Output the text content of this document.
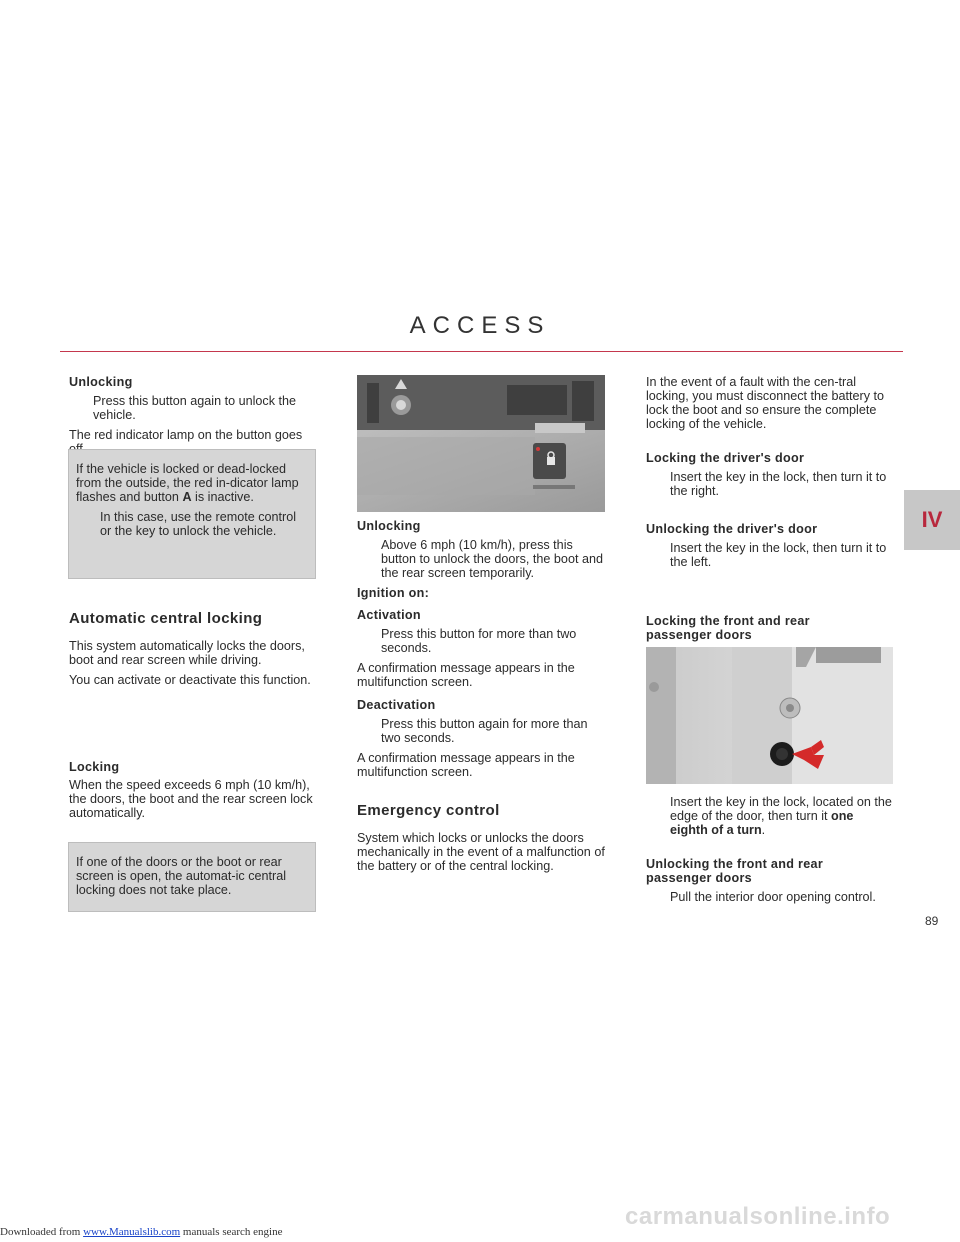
ACCESS
IV
89
Unlocking
Press this button again to unlock the vehicle.

The red indicator lamp on the button goes

If the vehicle is locked or dead-locked from the outside, the red in-dicator lamp flashes and button A is inactive.

In this case, use the remote control or the key to unlock the vehicle.
Automatic central locking

This system automatically locks the doors, boot and rear screen while driving.

You can activate or deactivate this function.

Locking

When the speed exceeds 6 mph (10 km/h), the doors, the boot and the rear screen lock automatically.

If one of the doors or the boot or rear screen is open, the automat-ic central locking does not take place.

Unlocking
Above 6 mph (10 km/h), press this button to unlock the doors, the boot and the rear screen temporarily.
Ignition on:
Activation
Press this button for more than two seconds.

A confirmation message appears in the multifunction screen.

Deactivation
Press this button again for more than two seconds.

A confirmation message appears in the multifunction screen.

Emergency control

System which locks or unlocks the doors mechanically in the event of a malfunction of the battery or of the central locking.

In the event of a fault with the cen-tral locking, you must disconnect the battery to lock the boot and so ensure the complete locking of the vehicle.

Locking the driver's door
Insert the key in the lock, then turn it to the right.
Unlocking the driver's door
Insert the key in the lock, then turn it to the left.
Locking the front and rear passenger doors
Insert the key in the lock, located on the edge of the door, then turn it one eighth of a turn.
Unlocking the front and rear passenger doors
Pull the interior door opening control.
carmanualsonline.info
Downloaded from www.Manualslib.com manuals search engine
